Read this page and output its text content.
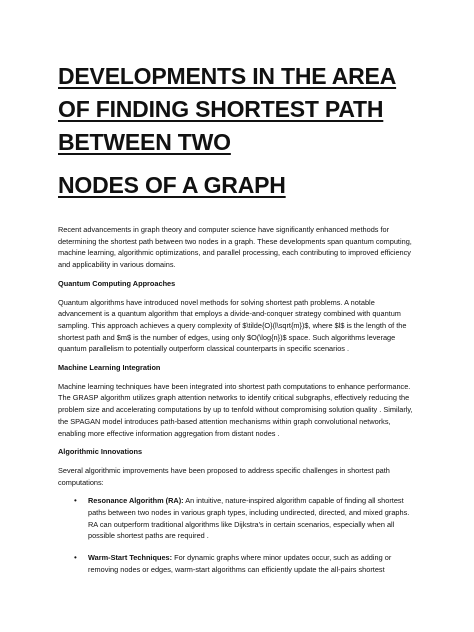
DEVELOPMENTS IN THE AREA
OF FINDING SHORTEST PATH
BETWEEN TWO
NODES OF A GRAPH

Recent advancements in graph theory and computer science have significantly enhanced methods for determining the shortest path between two nodes in a graph. These developments span quantum computing, machine learning, algorithmic optimizations, and parallel processing, each contributing to improved efficiency and applicability in various domains.

Quantum Computing Approaches

Quantum algorithms have introduced novel methods for solving shortest path problems. A notable advancement is a quantum algorithm that employs a divide-and-conquer strategy combined with quantum sampling. This approach achieves a query complexity of $\tilde{O}(l\sqrt{m})$, where $l$ is the length of the shortest path and $m$ is the number of edges, using only $O(\log{n})$ space. Such algorithms leverage quantum parallelism to potentially outperform classical counterparts in specific scenarios .

Machine Learning Integration

Machine learning techniques have been integrated into shortest path computations to enhance performance. The GRASP algorithm utilizes graph attention networks to identify critical subgraphs, effectively reducing the problem size and accelerating computations by up to tenfold without compromising solution quality . Similarly, the SPAGAN model introduces path-based attention mechanisms within graph convolutional networks, enabling more effective information aggregation from distant nodes .

Algorithmic Innovations

Several algorithmic improvements have been proposed to address specific challenges in shortest path computations:

• Resonance Algorithm (RA): An intuitive, nature-inspired algorithm capable of finding all shortest paths between two nodes in various graph types, including undirected, directed, and mixed graphs. RA can outperform traditional algorithms like Dijkstra's in certain scenarios, especially when all possible shortest paths are required .
• Warm-Start Techniques: For dynamic graphs where minor updates occur, such as adding or removing nodes or edges, warm-start algorithms can efficiently update the all-pairs shortest
